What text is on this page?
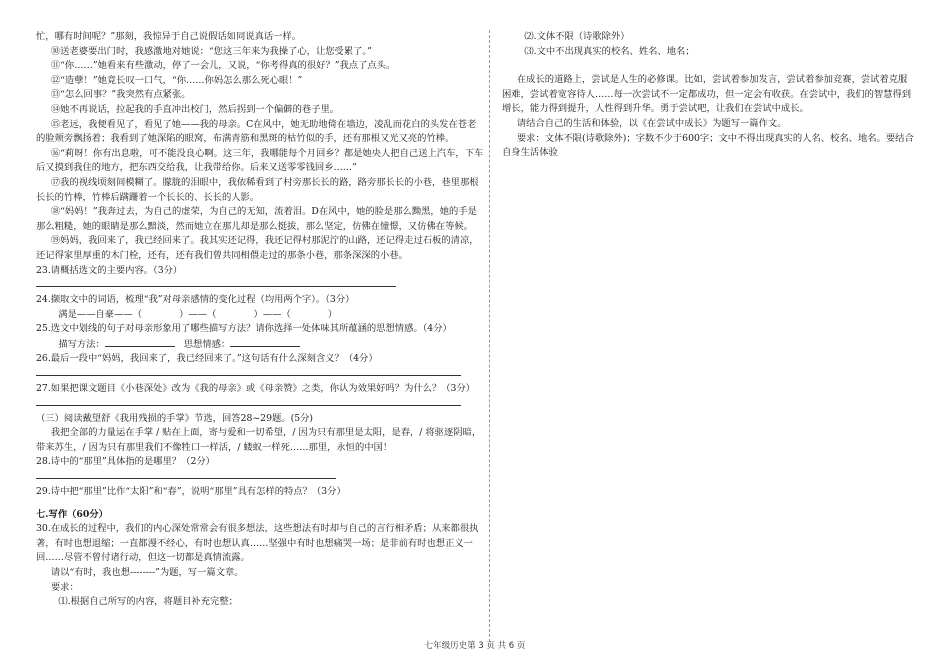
忙，哪有时间呢？”那刻，我惊异于自己说假话如同说真话一样。

⑩送老婆要出门时，我感激地对她说：“您这三年来为我操了心，让您受累了。”

⑪“你……”她看来有些激动，停了一会儿，又说，“你考得真的很好？”我点了点头。

⑫“造孽！”她竟长叹一口气，“你……你妈怎么那么死心眼！”

⑬“怎么回事？”我突然有点紧张。

⑭她不再说话，拉起我的手直冲出校门，然后拐到一个偏僻的巷子里。

⑮老远，我便看见了，看见了她——我的母亲。C在风中，她无助地倚在墙边，凌乱而花白的头发在苍老的脸颊旁飘扬着；我看到了她深陷的眼窝，布满青筋和黑斑的枯竹似的手，还有那根又光又亮的竹棒。

⑯“莉呀！你有出息啦，可不能没良心啊。这三年，我哪能每个月回乡？都是她央人把自己送上汽车，下车后又摸到我住的地方，把东西交给我，让我带给你。后来又送零零钱回乡……”

⑰我的视线顷刻间模糊了。朦胧的泪眼中，我依稀看到了村旁那长长的路，路旁那长长的小巷，巷里那根长长的竹棒，竹棒后蹒跚着一个长长的、长长的人影。

⑱“妈妈！”我奔过去，为自己的虚荣，为自己的无知，流着泪。D在风中，她的脸是那么黝黑，她的手是那么粗糙，她的眼睛是那么黯淡，然而她立在那儿却是那么挺拔，那么坚定，仿佛在憧憬，又仿佛在等候。

⑲妈妈，我回来了，我已经回来了。我其实还记得，我还记得村那泥泞的山路，还记得走过石板的清凉，还记得家里厚重的木门栓，还有，还有我们曾共同相偎走过的那条小巷，那条深深的小巷。

23.请概括选文的主要内容。（3分）

24.撷取文中的词语，梳理“我”对母亲感情的变化过程（均用两个字）。（3分）

满是——自豪——（　　　　）——（　　　　）——（　　　　）

25.选文中划线的句子对母亲形象用了哪些描写方法？请你选择一处体味其所蕴涵的思想情感。（4分）

描写方法：	思想情感：

26.最后一段中“妈妈，我回来了，我已经回来了。”这句话有什么深刻含义？（4分）

27.如果把课文题目《小巷深处》改为《我的母亲》或《母亲赞》之类，你认为效果好吗？为什么？（3分）

（三）阅读戴望舒《我用残损的手掌》节选，回答28~29题。(5分)

我把全部的力量运在手掌 / 贴在上面，寄与爱和一切希望，/ 因为只有那里是太阳，是春，/ 将驱逐阴暗，带来苏生，/ 因为只有那里我们不像牲口一样活，/ 蝼蚁一样死……那里，永恒的中国！

28.诗中的“那里”具体指的是哪里？（2分）

29.诗中把“那里”比作“太阳”和“春”，说明“那里”具有怎样的特点？（3分）

七.写作（60分）

30.在成长的过程中，我们的内心深处常常会有很多想法，这些想法有时却与自己的言行相矛盾；从来都很执著，有时也想退缩；一直都漫不经心，有时也想认真……坚强中有时也想痛哭一场；是非前有时也想正义一回……尽管不曾付诸行动，但这一切都是真情流露。

请以“有时，我也想--------”为题，写一篇文章。

要求：

⑴.根据自己所写的内容，将题目补充完整；

⑵.文体不限（诗歌除外）

⑶.文中不出现真实的校名、姓名、地名；

在成长的道路上，尝试是人生的必修课。比如，尝试着参加发言，尝试着参加竞赛，尝试着克服困难，尝试着宽容待人……每一次尝试不一定都成功，但一定会有收获。在尝试中，我们的智慧得到增长，能力得到提升，人性得到升华。勇于尝试吧，让我们在尝试中成长。

请结合自己的生活和体验，以《在尝试中成长》为题写一篇作文。

要求：文体不限(诗歌除外)；字数不少于600字；文中不得出现真实的人名、校名、地名。要结合自身生活体验

七年级历史第 3 页 共 6 页
